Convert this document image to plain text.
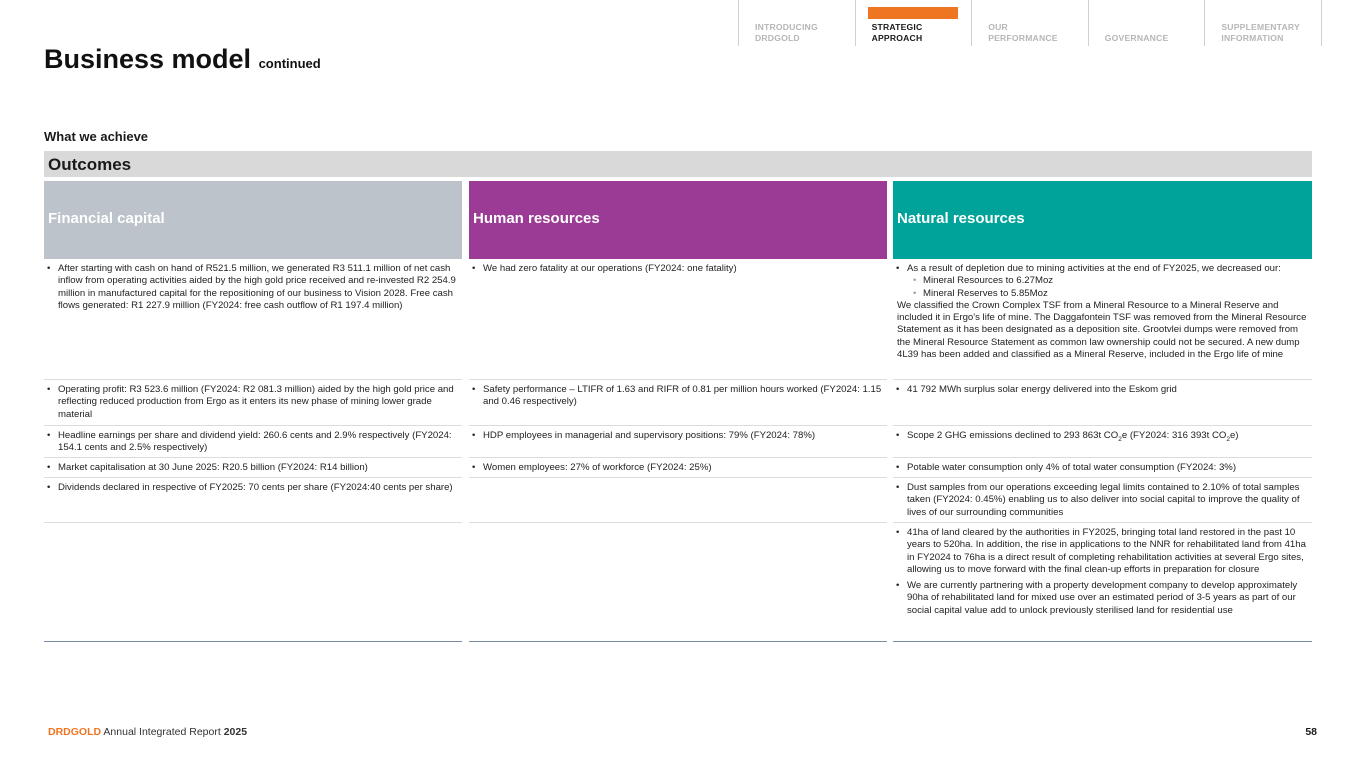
INTRODUCING
DRDGOLD
STRATEGIC
APPROACH
OUR
PERFORMANCE
	GOVERNANCE
SUPPLEMENTARY
INFORMATION
Business model continued
What we achieve
Outcomes
Financial capital
• After starting with cash on hand of R521.5 million, we generated R3 511.1 million of net cash inflow from operating activities aided by the high gold price received and re-invested R2 254.9 million in manufactured capital for the repositioning of our business to Vision 2028. Free cash flows generated: R1 227.9 million (FY2024: free cash outflow of R1 197.4 million)
• Operating profit: R3 523.6 million (FY2024: R2 081.3 million) aided by the high gold price and reflecting reduced production from Ergo as it enters its new phase of mining lower grade material
• Headline earnings per share and dividend yield: 260.6 cents and 2.9% respectively (FY2024: 154.1 cents and 2.5% respectively)
• Market capitalisation at 30 June 2025: R20.5 billion (FY2024: R14 billion)
• Dividends declared in respective of FY2025: 70 cents per share (FY2024:40 cents per share)
Human resources
• We had zero fatality at our operations (FY2024: one fatality)
• Safety performance – LTIFR of 1.63 and RIFR of 0.81 per million hours worked (FY2024: 1.15 and 0.46 respectively)
• HDP employees in managerial and supervisory positions: 79% (FY2024: 78%)
• Women employees: 27% of workforce (FY2024: 25%)
Natural resources
• As a result of depletion due to mining activities at the end of FY2025, we decreased our:
• Mineral Resources to 6.27Moz
• Mineral Reserves to 5.85Moz
We classified the Crown Complex TSF from a Mineral Resource to a Mineral Reserve and included it in Ergo's life of mine. The Daggafontein TSF was removed from the Mineral Resource Statement as it has been designated as a deposition site. Grootvlei dumps were removed from the Mineral Resource Statement as common law ownership could not be secured. A new dump 4L39 has been added and classified as a Mineral Reserve, included in the Ergo life of mine
• 41 792 MWh surplus solar energy delivered into the Eskom grid
• Scope 2 GHG emissions declined to 293 863t $CO_2e$ (FY2024: 316 393t $CO_2e$)
• Potable water consumption only 4% of total water consumption (FY2024: 3%)
• Dust samples from our operations exceeding legal limits contained to 2.10% of total samples taken (FY2024: 0.45%) enabling us to also deliver into social capital to improve the quality of lives of our surrounding communities
• 41ha of land cleared by the authorities in FY2025, bringing total land restored in the past 10 years to 520ha. In addition, the rise in applications to the NNR for rehabilitated land from 41ha in FY2024 to 76ha is a direct result of completing rehabilitation activities at several Ergo sites, allowing us to move forward with the final clean-up efforts in preparation for closure
• We are currently partnering with a property development company to develop approximately 90ha of rehabilitated land for mixed use over an estimated period of 3-5 years as part of our social capital value add to unlock previously sterilised land for residential use
DRDGOLD Annual Integrated Report 2025	58
